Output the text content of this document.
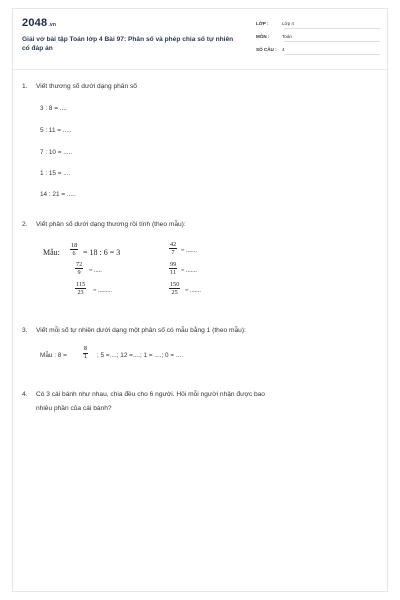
2048.vn
Giải vở bài tập Toán lớp 4 Bài 97: Phân số và phép chia số tự nhiên có đáp án
LỚP :	Lớp 4
MÔN :	Toán
SỐ CÂU : 4
1. Viết thương số dưới dạng phân số
3 : 8 = ....
5 : 11 = .....
7 : 10 = .....
1 : 15 = ....
14 : 21 = .....
2. Viết phân số dưới dạng thương rồi tính (theo mẫu):
Mẫu: $\frac{18}{6} = 18$ : 6 = 3
$\frac{72}{9}$ = .....
$\frac{115}{23}$ = .........
$\frac{42}{7}$ = .......
$\frac{99}{11}$ = .......
$\frac{150}{25}$ = .......
3. Viết mỗi số tự nhiên dưới dạng một phân số có mẫu bằng 1 (theo mẫu):
Mẫu : 8 =	$\frac{8}{1}$ ; 5 =....; 12 =....; 1 = ....; 0 = ....
4. Có 3 cái bánh như nhau, chia đều cho 6 người. Hỏi mỗi người nhận được bao
nhiêu phần của cái bánh?
